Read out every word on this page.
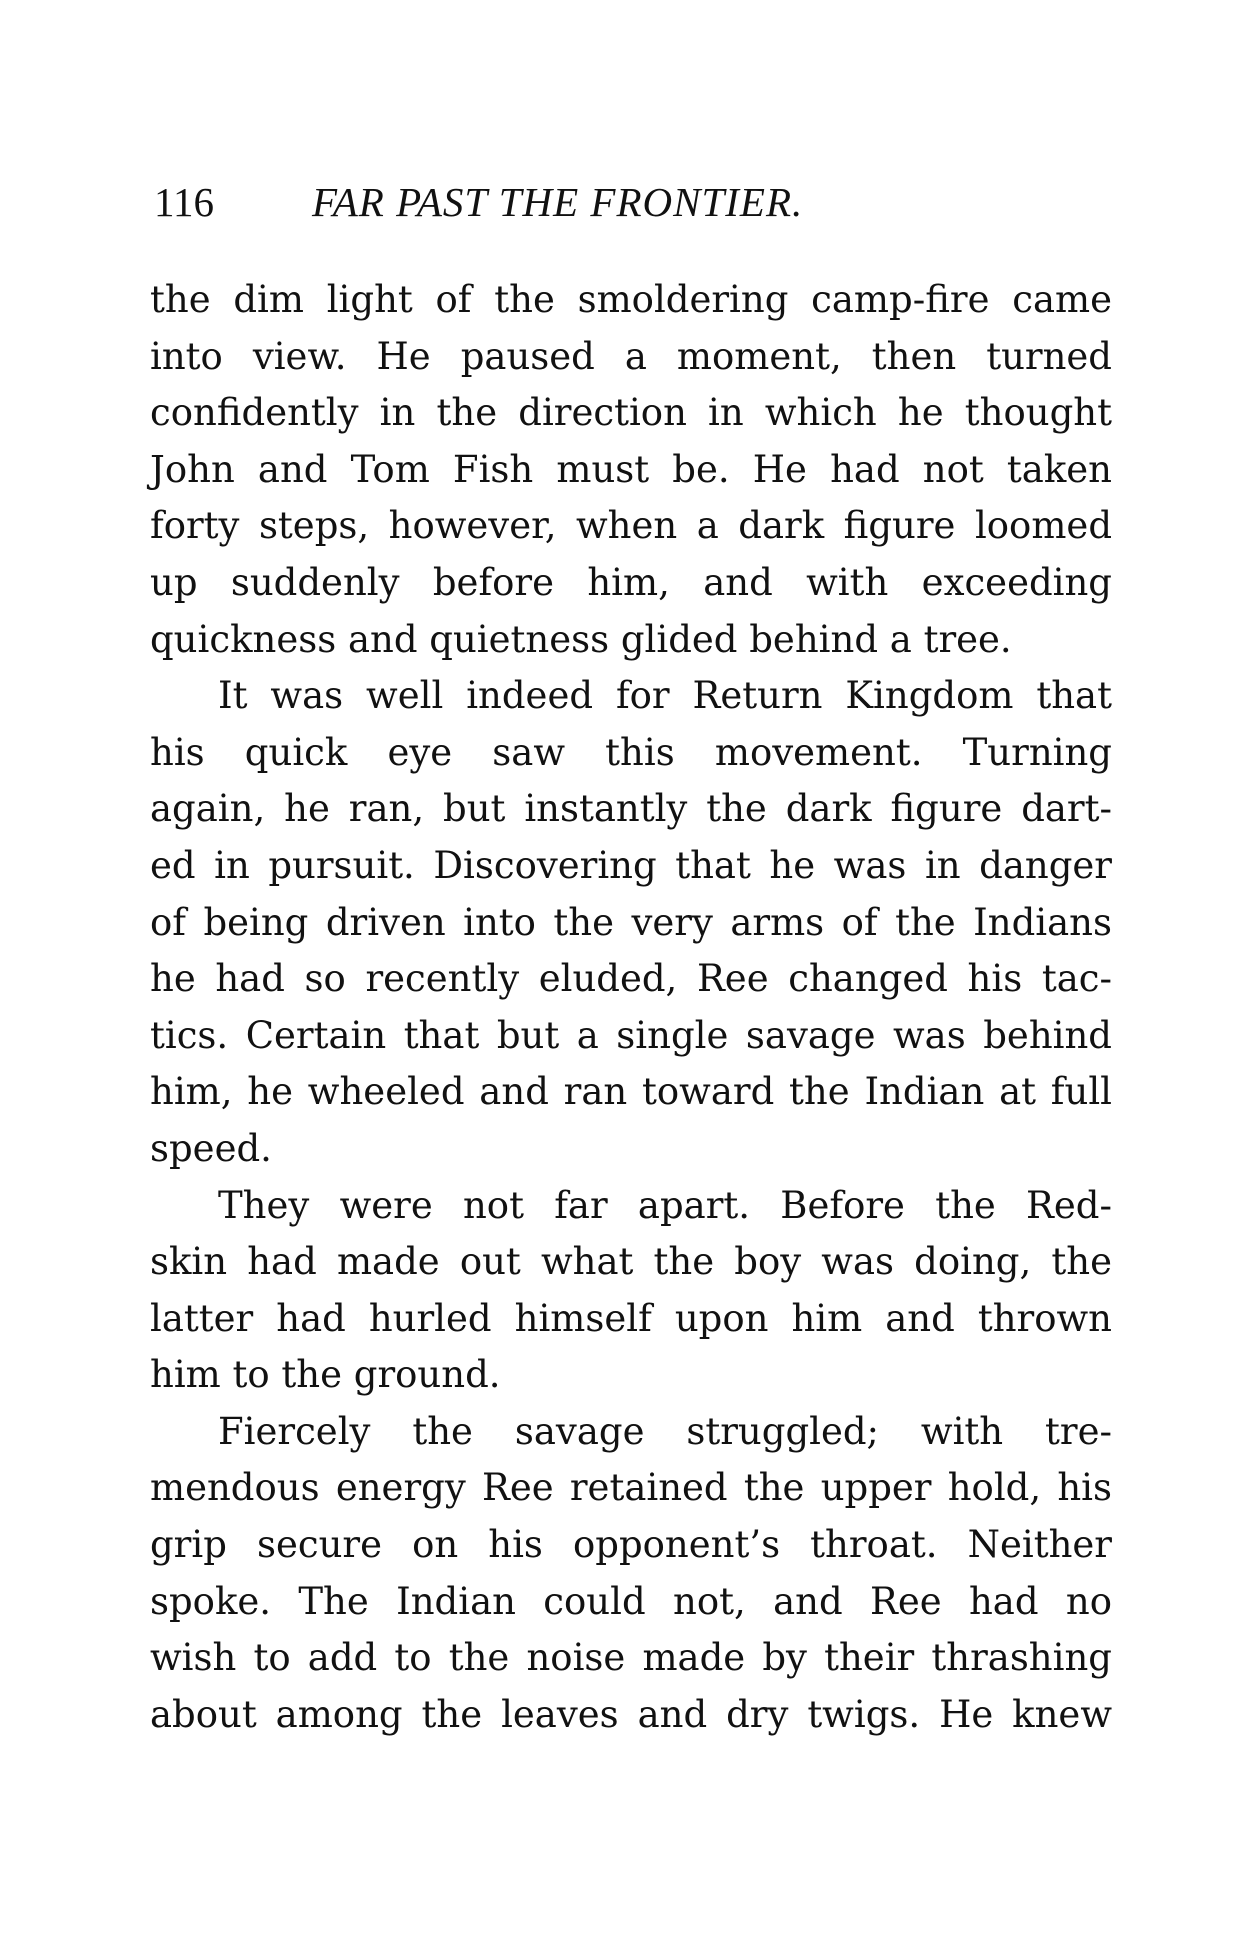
116 FAR PAST THE FRONTIER.
the dim light of the smoldering camp-fire came
into view. He paused a moment, then turned
confidently in the direction in which he thought
John and Tom Fish must be. He had not taken
forty steps, however, when a dark figure loomed
up suddenly before him, and with exceeding
quickness and quietness glided behind a tree.
It was well indeed for Return Kingdom that
his quick eye saw this movement. Turning
again, he ran, but instantly the dark figure dart-
ed in pursuit. Discovering that he was in danger
of being driven into the very arms of the Indians
he had so recently eluded, Ree changed his tac-
tics. Certain that but a single savage was behind
him, he wheeled and ran toward the Indian at full
speed.
They were not far apart. Before the Red-
skin had made out what the boy was doing, the
latter had hurled himself upon him and thrown
him to the ground.
Fiercely the savage struggled; with tre-
mendous energy Ree retained the upper hold, his
grip secure on his opponent’s throat. Neither
spoke. The Indian could not, and Ree had no
wish to add to the noise made by their thrashing
about among the leaves and dry twigs. He knew
